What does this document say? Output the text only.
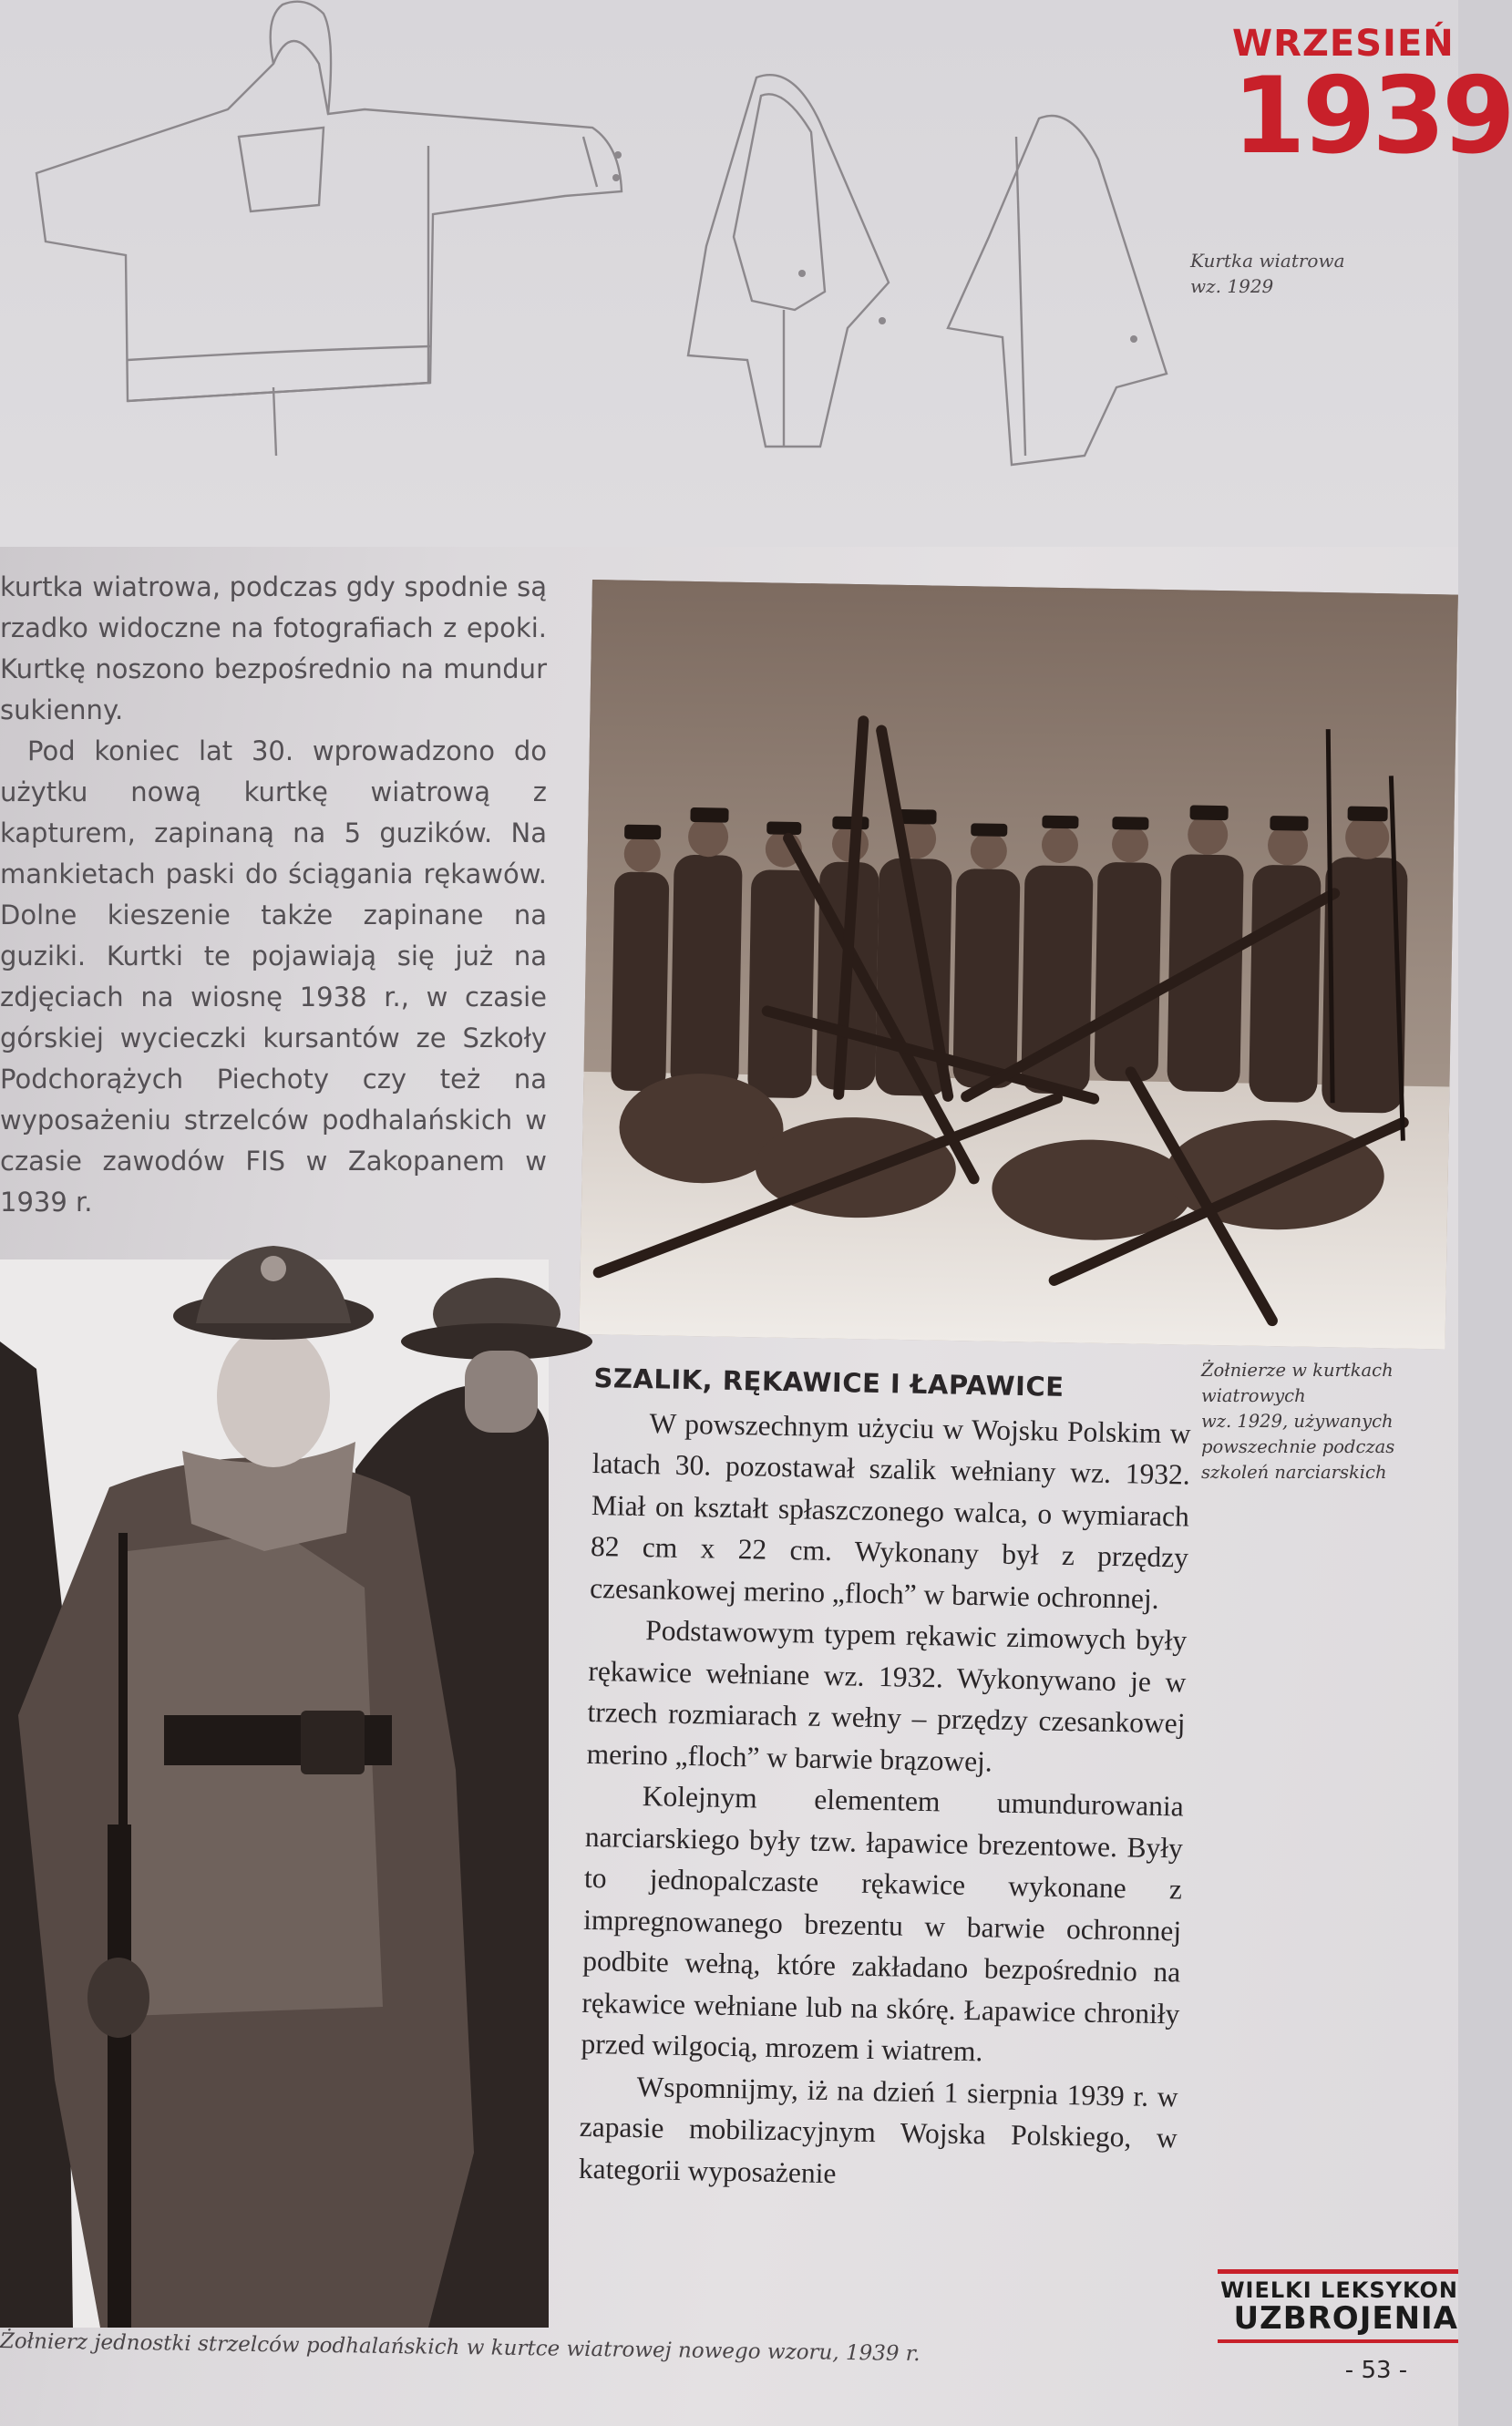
WRZESIEŃ
1939
Kurtka wiatrowa
wz. 1929

kurtka wiatrowa, podczas gdy spodnie są rzadko widoczne na fotografiach z epoki. Kurtkę noszono bezpośrednio na mundur sukienny.

Pod koniec lat 30. wprowadzono do użytku nową kurtkę wiatrową z kapturem, zapinaną na 5 guzików. Na mankietach paski do ściągania rękawów. Dolne kieszenie także zapinane na guziki. Kurtki te pojawiają się już na zdjęciach na wiosnę 1938 r., w czasie górskiej wycieczki kursantów ze Szkoły Podchorążych Piechoty czy też na wyposażeniu strzelców podhalańskich w czasie zawodów FIS w Zakopanem w 1939 r.

Żołnierze w kurtkach
wiatrowych
wz. 1929, używanych
powszechnie podczas
szkoleń narciarskich
SZALIK, RĘKAWICE I ŁAPAWICE

W powszechnym użyciu w Wojsku Polskim w latach 30. pozostawał szalik wełniany wz. 1932. Miał on kształt spłaszczonego walca, o wymiarach 82 cm x 22 cm. Wykonany był z przędzy czesankowej merino „floch” w barwie ochronnej.

Podstawowym typem rękawic zimowych były rękawice wełniane wz. 1932. Wykonywano je w trzech rozmiarach z wełny – przędzy czesankowej merino „floch” w barwie brązowej.

Kolejnym elementem umundurowania narciarskiego były tzw. łapawice brezentowe. Były to jednopalczaste rękawice wykonane z impregnowanego brezentu w barwie ochronnej podbite wełną, które zakładano bezpośrednio na rękawice wełniane lub na skórę. Łapawice chroniły przed wilgocią, mrozem i wiatrem.

Wspomnijmy, iż na dzień 1 sierpnia 1939 r. w zapasie mobilizacyjnym Wojska Polskiego, w kategorii wyposażenie

Żołnierz jednostki strzelców podhalańskich w kurtce wiatrowej nowego wzoru, 1939 r.
WIELKI LEKSYKON
UZBROJENIA
- 53 -
